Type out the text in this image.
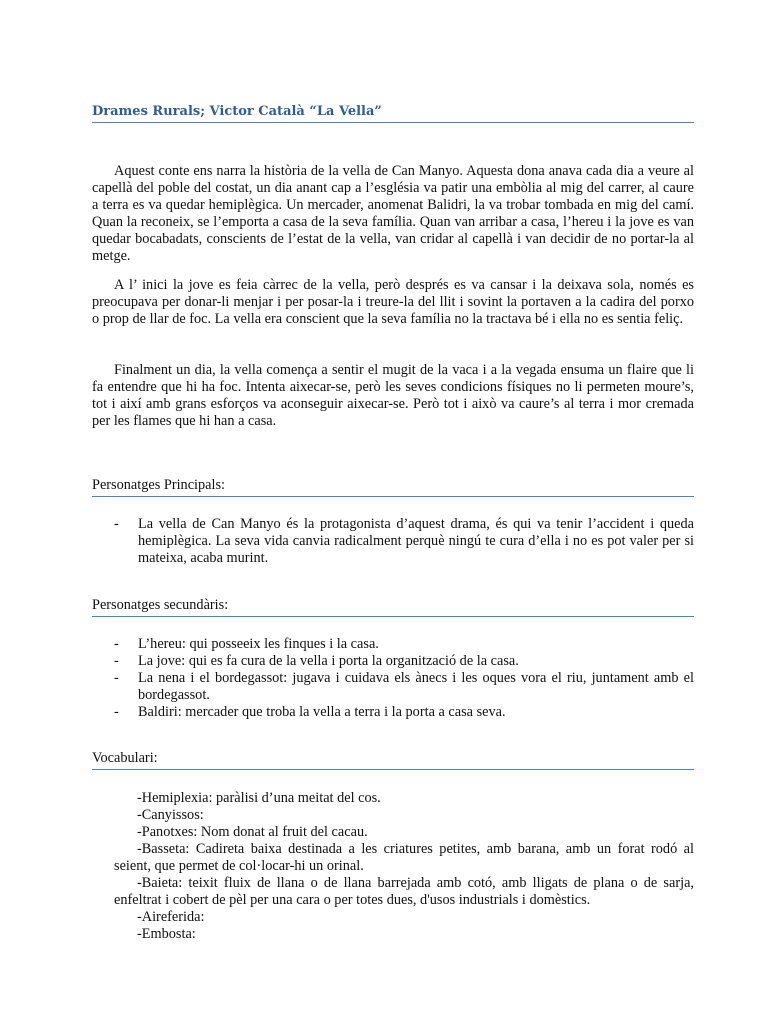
Drames Rurals; Victor Català “La Vella”

Aquest conte ens narra la història de la vella de Can Manyo. Aquesta dona anava cada dia a veure al capellà del poble del costat, un dia anant cap a l’església va patir una embòlia al mig del carrer, al caure a terra es va quedar hemiplègica. Un mercader, anomenat Balidri, la va trobar tombada en mig del camí. Quan la reconeix, se l’emporta a casa de la seva família. Quan van arribar a casa, l’hereu i la jove es van quedar bocabadats, conscients de l’estat de la vella, van cridar al capellà i van decidir de no portar-la al metge.

A l’ inici la jove es feia càrrec de la vella, però després es va cansar i la deixava sola, només es preocupava per donar-li menjar i per posar-la i treure-la del llit i sovint la portaven a la cadira del porxo o prop de llar de foc. La vella era conscient que la seva família no la tractava bé i ella no es sentia feliç.

Finalment un dia, la vella comença a sentir el mugit de la vaca i a la vegada ensuma un flaire que li fa entendre que hi ha foc. Intenta aixecar-se, però les seves condicions físiques no li permeten moure’s, tot i així amb grans esforços va aconseguir aixecar-se. Però tot i això va caure’s al terra i mor cremada per les flames que hi han a casa.

Personatges Principals:
- La vella de Can Manyo és la protagonista d’aquest drama, és qui va tenir l’accident i queda hemiplègica. La seva vida canvia radicalment perquè ningú te cura d’ella i no es pot valer per si mateixa, acaba murint.
Personatges secundàris:
- L’hereu: qui posseeix les finques i la casa.
- La jove: qui es fa cura de la vella i porta la organització de la casa.
- La nena i el bordegassot: jugava i cuidava els ànecs i les oques vora el riu, juntament amb el bordegassot.
- Baldiri: mercader que troba la vella a terra i la porta a casa seva.
Vocabulari:
-Hemiplexia: paràlisi d’una meitat del cos.
-Canyissos:
-Panotxes: Nom donat al fruit del cacau.
-Basseta: Cadireta baixa destinada a les criatures petites, amb barana, amb un forat rodó al seient, que permet de col·locar-hi un orinal.
-Baieta: teixit fluix de llana o de llana barrejada amb cotó, amb lligats de plana o de sarja, enfeltrat i cobert de pèl per una cara o per totes dues, d'usos industrials i domèstics.
-Aireferida:
-Embosta:
